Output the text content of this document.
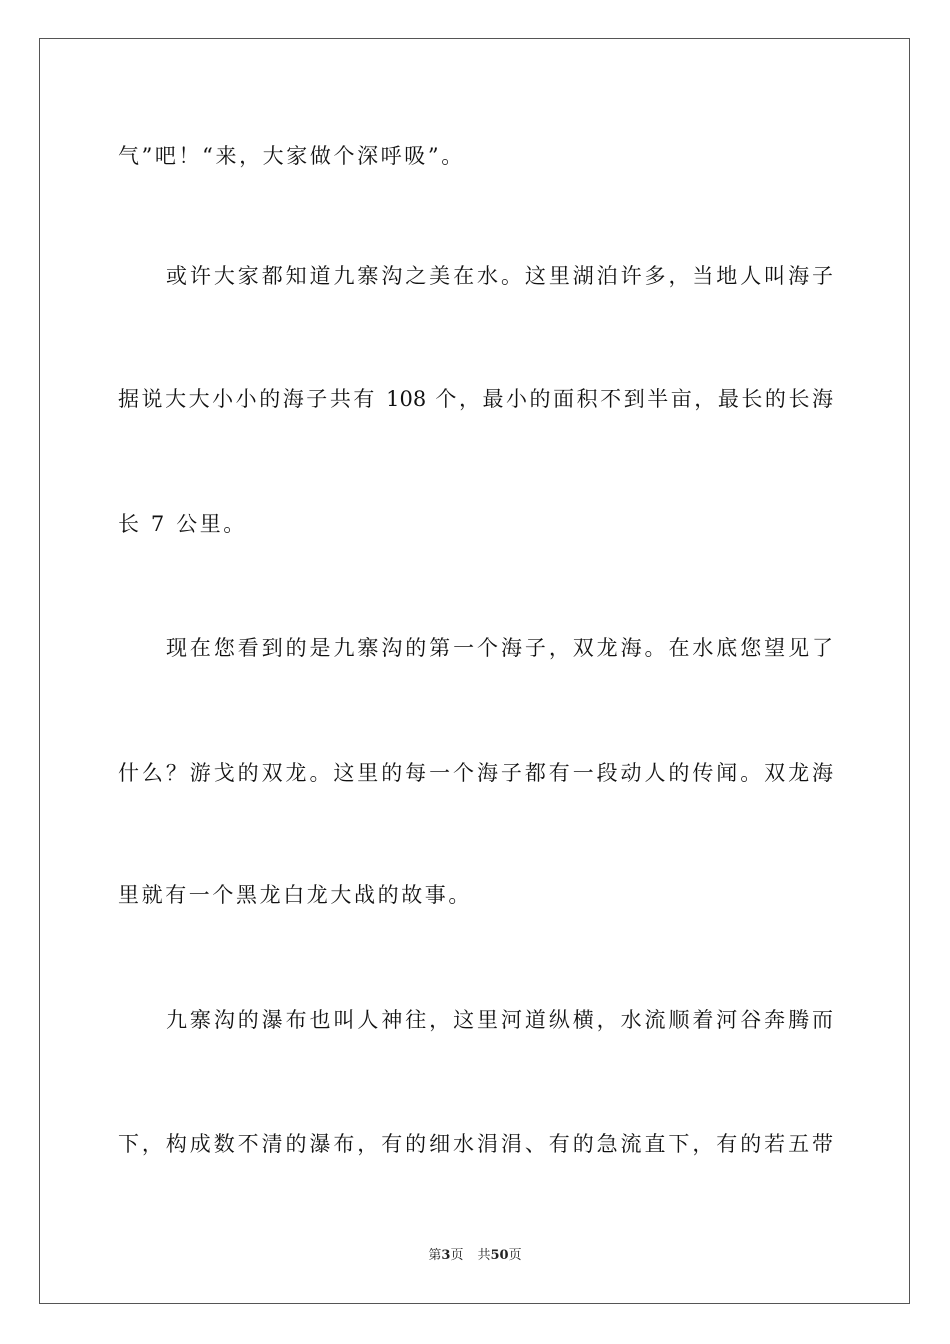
气”吧！“来，大家做个深呼吸”。
或许大家都知道九寨沟之美在水。这里湖泊许多，当地人叫海子
据说大大小小的海子共有 108 个，最小的面积不到半亩，最长的长海
长 7 公里。
现在您看到的是九寨沟的第一个海子，双龙海。在水底您望见了
什么？游戈的双龙。这里的每一个海子都有一段动人的传闻。双龙海
里就有一个黑龙白龙大战的故事。
九寨沟的瀑布也叫人神往，这里河道纵横，水流顺着河谷奔腾而
下，构成数不清的瀑布，有的细水涓涓、有的急流直下，有的若五带
第3页 共50页
